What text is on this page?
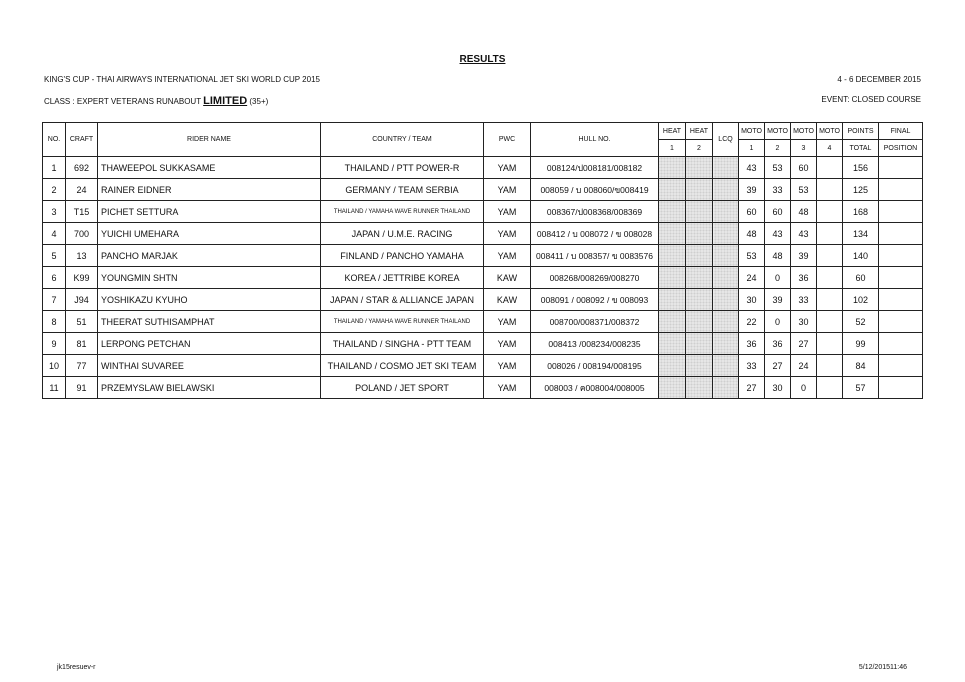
RESULTS
KING'S CUP - THAI AIRWAYS INTERNATIONAL JET SKI WORLD CUP 2015	4 - 6 DECEMBER 2015
CLASS : EXPERT VETERANS RUNABOUT LIMITED (35+)	EVENT: CLOSED COURSE
NO.	CRAFT	RIDER NAME	COUNTRY / TEAM	PWC	HULL NO.	HEAT	HEAT	LCQ	MOTO	MOTO	MOTO	MOTO	POINTS	FINAL
						1	2		1	2	3	4	TOTAL	POSITION
1	692	THAWEEPOL SUKKASAME	THAILAND / PTT POWER-R	YAM	008124/ป008181/008182				43	53	60		156	
2	24	RAINER EIDNER	GERMANY / TEAM SERBIA	YAM	008059 / บ 008060/ข008419				39	33	53		125	
3	T15	PICHET SETTURA	THAILAND / YAMAHA WAVE RUNNER THAILAND	YAM	008367/ป008368/008369				60	60	48		168	
4	700	YUICHI UMEHARA	JAPAN / U.M.E. RACING	YAM	008412 / บ 008072 / ข 008028				48	43	43		134	
5	13	PANCHO MARJAK	FINLAND / PANCHO YAMAHA	YAM	008411 / บ 008357/ ข 0083576				53	48	39		140	
6	K99	YOUNGMIN SHTN	KOREA / JETTRIBE KOREA	KAW	008268/008269/008270				24	0	36		60	
7	J94	YOSHIKAZU KYUHO	JAPAN / STAR & ALLIANCE JAPAN	KAW	008091 / 008092 / ข 008093				30	39	33		102	
8	51	THEERAT SUTHISAMPHAT	THAILAND / YAMAHA WAVE RUNNER THAILAND	YAM	008700/008371/008372				22	0	30		52	
9	81	LERPONG PETCHAN	THAILAND / SINGHA - PTT TEAM	YAM	008413 /008234/008235				36	36	27		99	
10	77	WINTHAI SUVAREE	THAILAND / COSMO JET SKI TEAM	YAM	008026 / 008194/008195				33	27	24		84	
11	91	PRZEMYSLAW BIELAWSKI	POLAND / JET SPORT	YAM	008003 / ค008004/008005				27	30	0		57	
jk15resuev-r	5/12/201511:46
